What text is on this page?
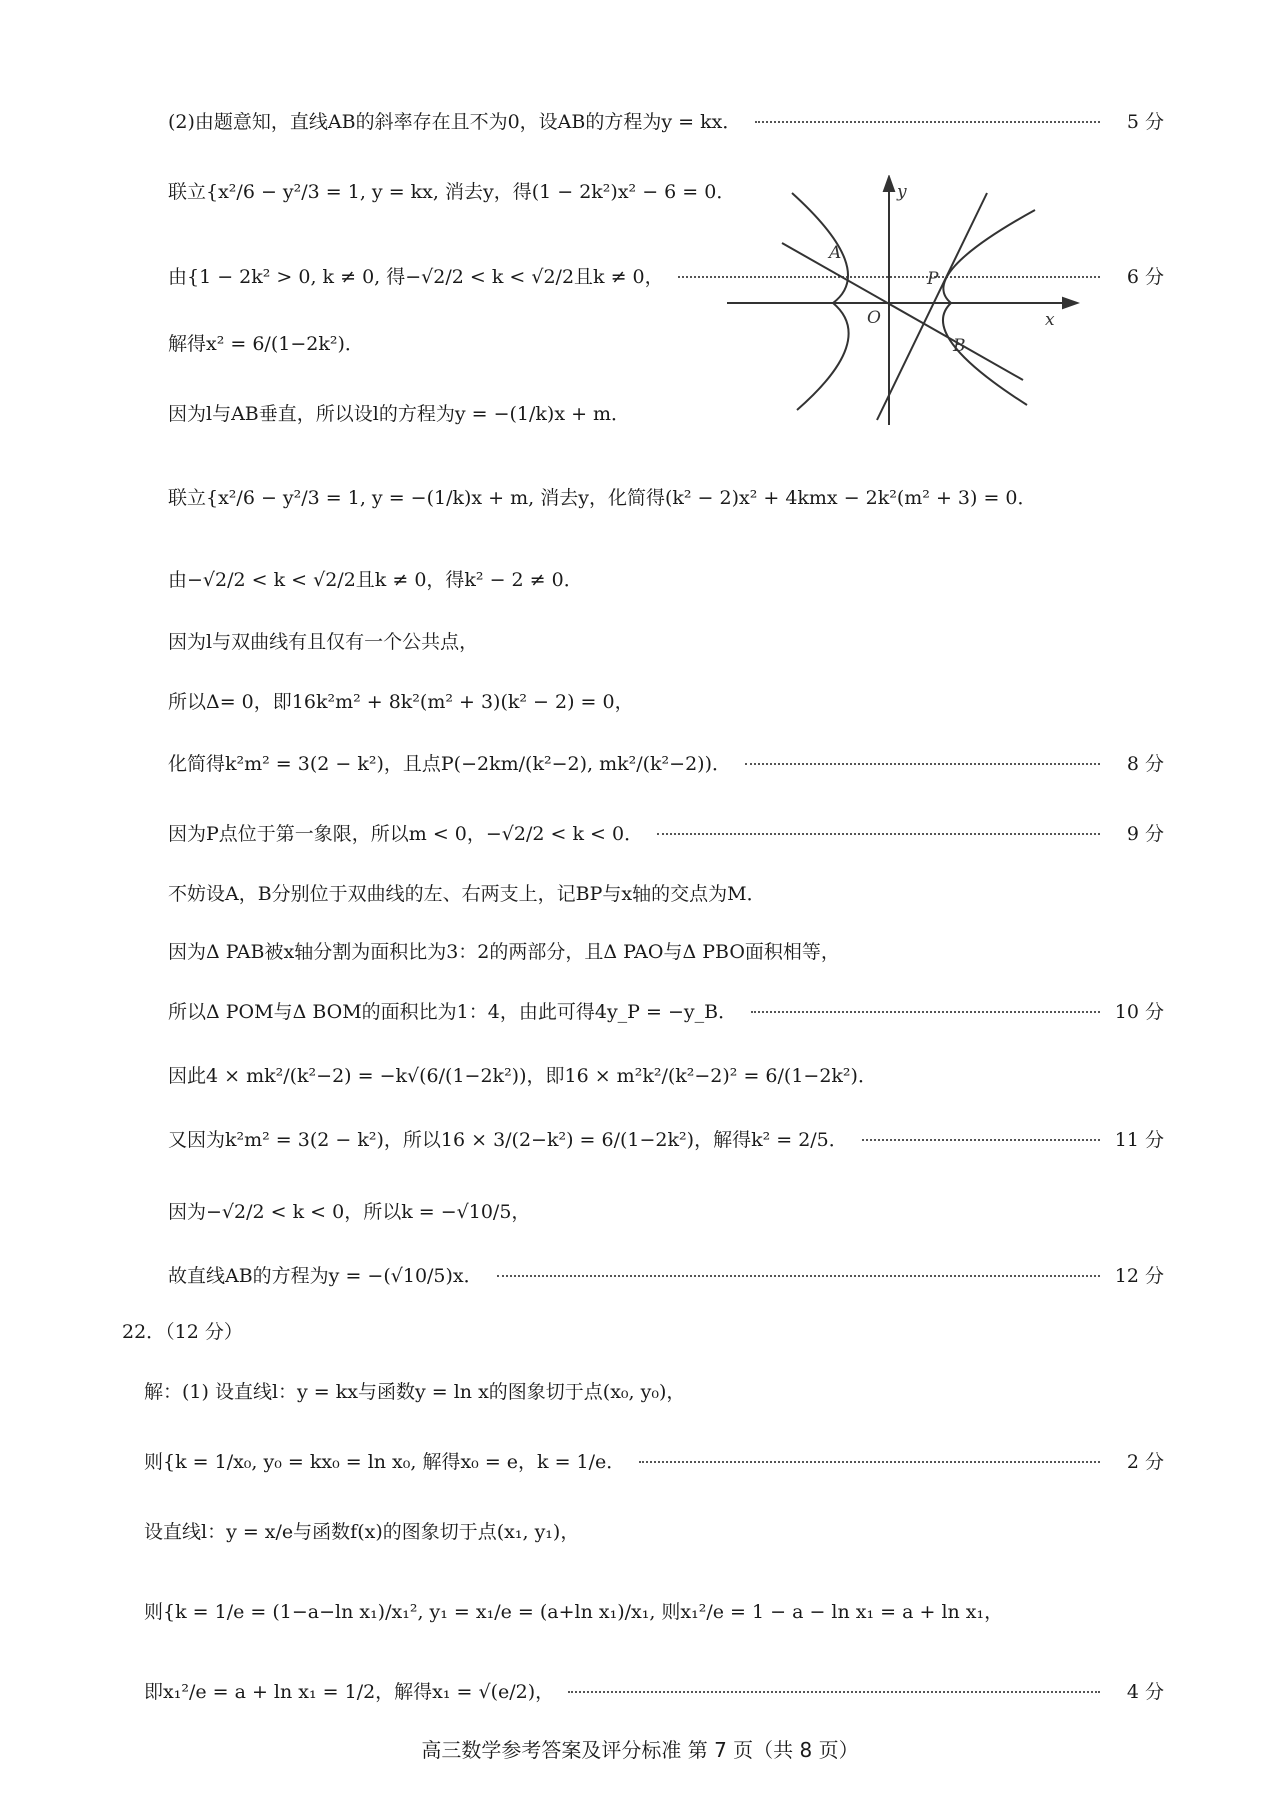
(2)由题意知，直线AB的斜率存在且不为0，设AB的方程为y = kx．	5 分
联立{x²/6 − y²/3 = 1, y = kx, 消去y，得(1 − 2k²)x² − 6 = 0．
由{1 − 2k² > 0, k ≠ 0, 得−√2/2 < k < √2/2且k ≠ 0，	6 分
解得x² = 6/(1−2k²)．
因为l与AB垂直，所以设l的方程为y = −(1/k)x + m．
联立{x²/6 − y²/3 = 1, y = −(1/k)x + m, 消去y，化简得(k² − 2)x² + 4kmx − 2k²(m² + 3) = 0．
由−√2/2 < k < √2/2且k ≠ 0，得k² − 2 ≠ 0．
因为l与双曲线有且仅有一个公共点，
所以Δ= 0，即16k²m² + 8k²(m² + 3)(k² − 2) = 0，
化简得k²m² = 3(2 − k²)，且点P(−2km/(k²−2), mk²/(k²−2))．	8 分
因为P点位于第一象限，所以m < 0，−√2/2 < k < 0．	9 分
不妨设A，B分别位于双曲线的左、右两支上，记BP与x轴的交点为M．
因为Δ PAB被x轴分割为面积比为3：2的两部分，且Δ PAO与Δ PBO面积相等，
所以Δ POM与Δ BOM的面积比为1：4，由此可得4y_P = −y_B．	10 分
因此4 × mk²/(k²−2) = −k√(6/(1−2k²))，即16 × m²k²/(k²−2)² = 6/(1−2k²)．
又因为k²m² = 3(2 − k²)，所以16 × 3/(2−k²) = 6/(1−2k²)，解得k² = 2/5．	11 分
因为−√2/2 < k < 0，所以k = −√10/5，
故直线AB的方程为y = −(√10/5)x．	12 分
22．（12 分）
解：(1) 设直线l：y = kx与函数y = ln x的图象切于点(x₀, y₀)，
则{k = 1/x₀, y₀ = kx₀ = ln x₀, 解得x₀ = e，k = 1/e．	2 分
设直线l：y = x/e与函数f(x)的图象切于点(x₁, y₁)，
则{k = 1/e = (1−a−ln x₁)/x₁², y₁ = x₁/e = (a+ln x₁)/x₁, 则x₁²/e = 1 − a − ln x₁ = a + ln x₁，
即x₁²/e = a + ln x₁ = 1/2，解得x₁ = √(e/2)，	4 分
y
x
O
A
B
P
高三数学参考答案及评分标准 第 7 页（共 8 页）
